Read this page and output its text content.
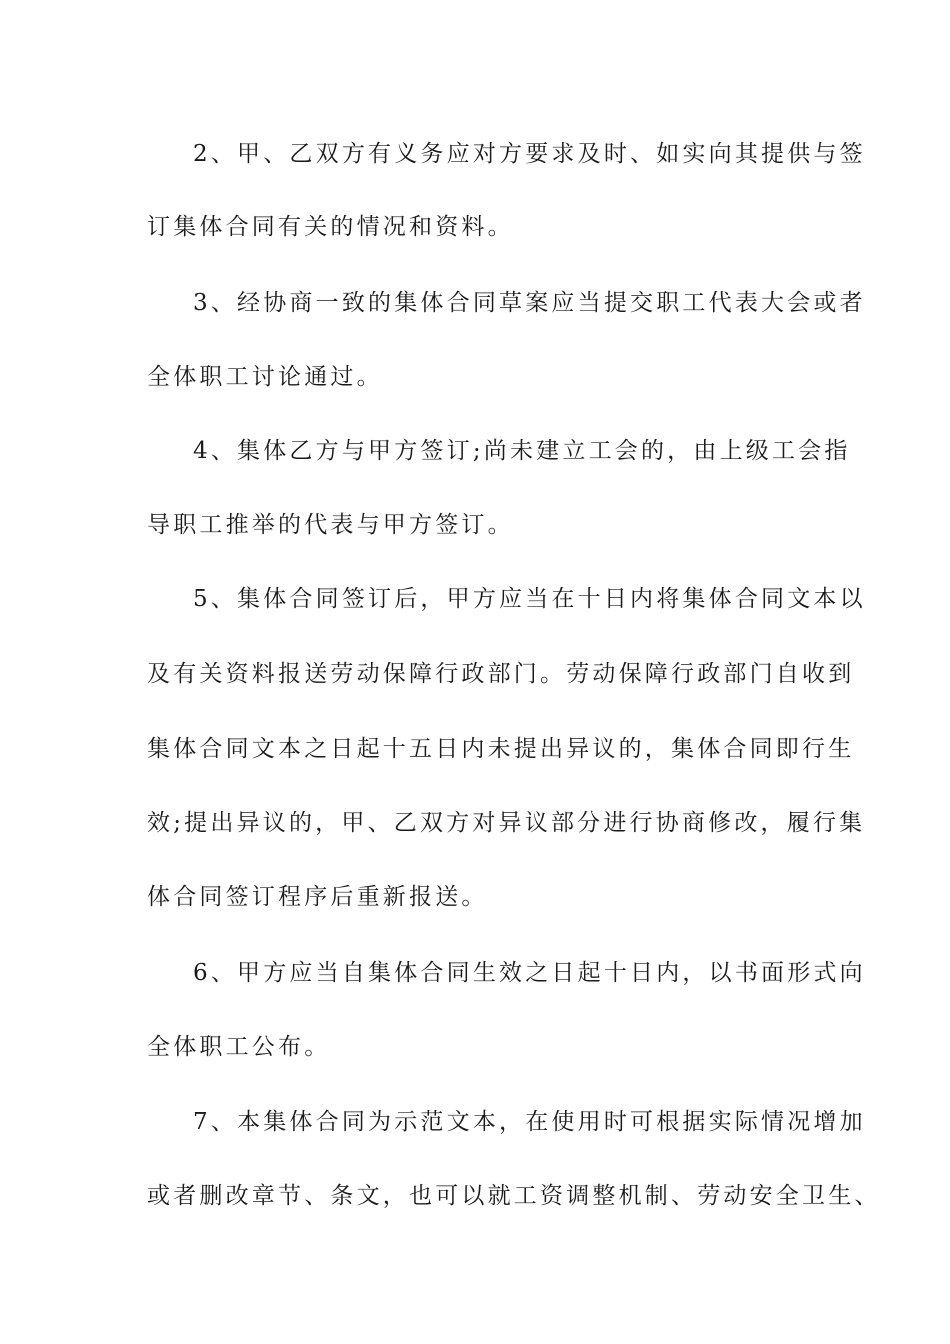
2、甲、乙双方有义务应对方要求及时、如实向其提供与签
订集体合同有关的情况和资料。
3、经协商一致的集体合同草案应当提交职工代表大会或者
全体职工讨论通过。
4、集体乙方与甲方签订;尚未建立工会的，由上级工会指
导职工推举的代表与甲方签订。
5、集体合同签订后，甲方应当在十日内将集体合同文本以
及有关资料报送劳动保障行政部门。劳动保障行政部门自收到
集体合同文本之日起十五日内未提出异议的，集体合同即行生
效;提出异议的，甲、乙双方对异议部分进行协商修改，履行集
体合同签订程序后重新报送。
6、甲方应当自集体合同生效之日起十日内，以书面形式向
全体职工公布。
7、本集体合同为示范文本，在使用时可根据实际情况增加
或者删改章节、条文，也可以就工资调整机制、劳动安全卫生、
